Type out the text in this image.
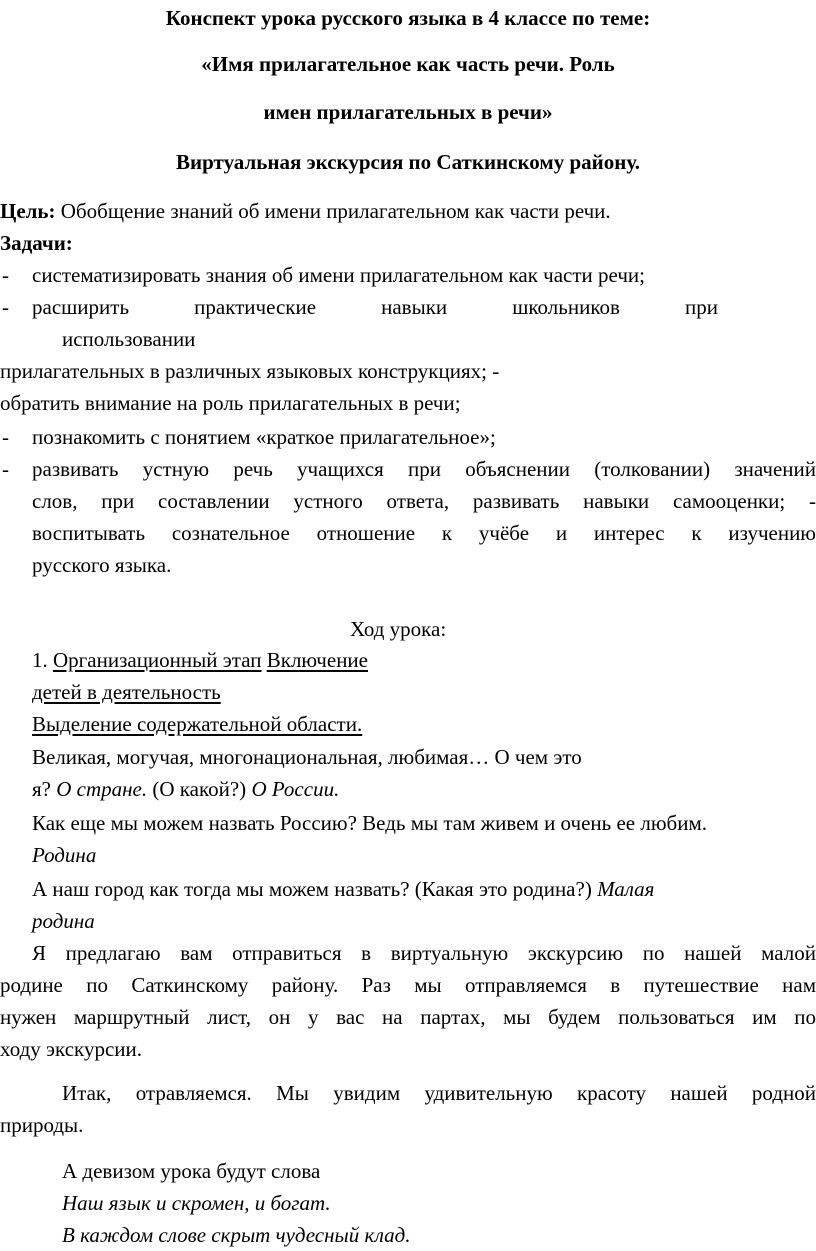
Конспект урока русского языка в 4 классе по теме:
«Имя прилагательное как часть речи. Роль
имен прилагательных в речи»
Виртуальная экскурсия по Саткинскому району.
Цель: Обобщение знаний об имени прилагательном как части речи.
Задачи:
- систематизировать знания об имени прилагательном как части речи;
- расширить	практические	навыки	школьников	при
использовании
прилагательных в различных языковых конструкциях; -
обратить внимание на роль прилагательных в речи;
- познакомить с понятием «краткое прилагательное»;
- развивать устную речь учащихся при объяснении (толковании) значений
слов, при составлении устного ответа, развивать навыки самооценки; -
воспитывать сознательное отношение к учёбе и интерес к изучению
русского языка.
Ход урока:
1. Организационный этап Включение
детей в деятельность
Выделение содержательной области.
Великая, могучая, многонациональная, любимая… О чем это
я? О стране. (О какой?) О России.
Как еще мы можем назвать Россию? Ведь мы там живем и очень ее любим.
Родина
А наш город как тогда мы можем назвать? (Какая это родина?) Малая
родина
Я предлагаю вам отправиться в виртуальную экскурсию по нашей малой
родине по Саткинскому району. Раз мы отправляемся в путешествие нам
нужен маршрутный лист, он у вас на партах, мы будем пользоваться им по
ходу экскурсии.
Итак, отравляемся. Мы увидим удивительную красоту нашей родной
природы.
А девизом урока будут слова
Наш язык и скромен, и богат.
В каждом слове скрыт чудесный клад.
